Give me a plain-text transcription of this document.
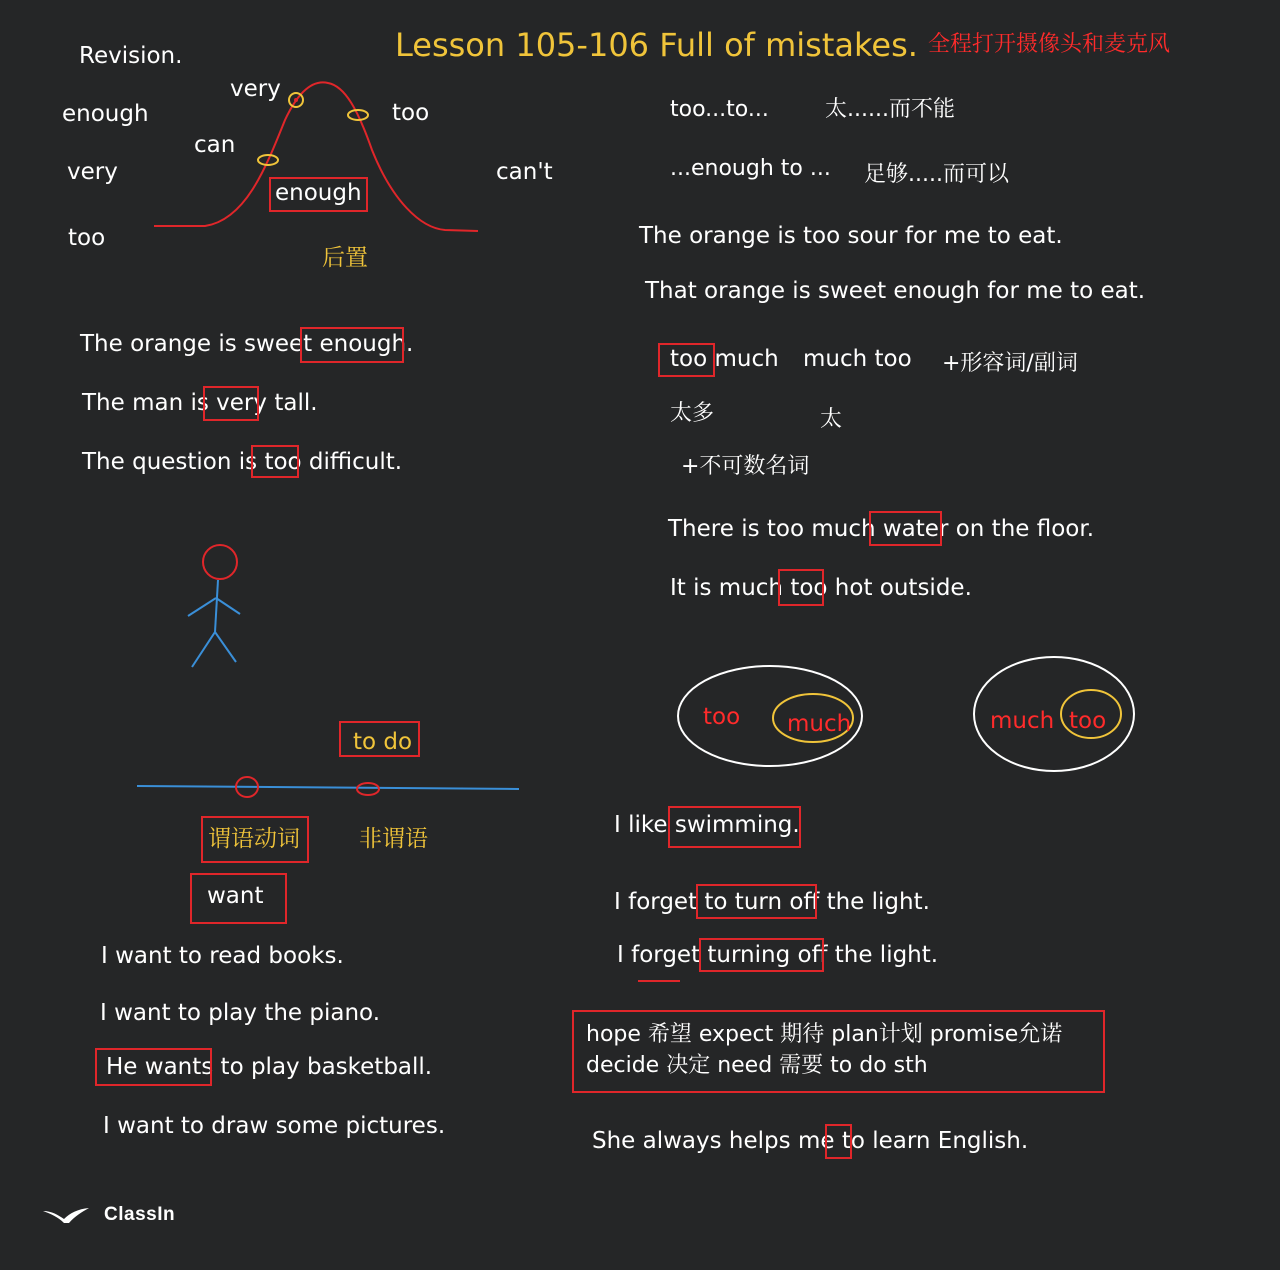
Lesson 105-106 Full of mistakes. 全程打开摄像头和麦克风
Revision.
enough
very
too
very
can
too
enough
can't
后置
The orange is sweet enough.
The man is very tall.
The question is too difficult.
to do
谓语动词	非谓语
want
I want to read books.
I want to play the piano.
He wants to play basketball.
I want to draw some pictures.
too...to...	太......而不能
...enough to ... 足够.....而可以
The orange is too sour for me to eat.
That orange is sweet enough for me to eat.
too much much too +形容词/副词
太多	太
+不可数名词
There is too much water on the floor.
It is much too hot outside.
too much	much too
I like swimming.
I forget to turn off the light.
I forget turning off the light.
hope 希望 expect 期待 plan计划 promise允诺
decide 决定 need 需要 to do sth
She always helps me to learn English.
ClassIn
